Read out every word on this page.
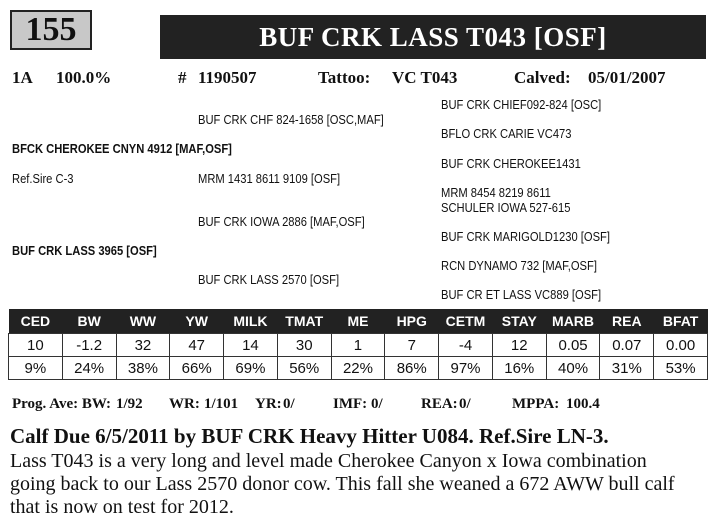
155	BUF CRK LASS T043 [OSF]
1A 100.0%	# 1190507	Tattoo: VC T043	Calved: 05/01/2007
BUF CRK CHIEF092-824 [OSC]
BUF CRK CHF 824-1658 [OSC,MAF]
BFLO CRK CARIE VC473
BFCK CHEROKEE CNYN 4912 [MAF,OSF]
BUF CRK CHEROKEE1431
Ref.Sire C-3	MRM 1431 8611 9109 [OSF]
MRM 8454 8219 8611
SCHULER IOWA 527-615
BUF CRK IOWA 2886 [MAF,OSF]
BUF CRK MARIGOLD1230 [OSF]
BUF CRK LASS 3965 [OSF]
RCN DYNAMO 732 [MAF,OSF]
BUF CRK LASS 2570 [OSF]
BUF CR ET LASS VC889 [OSF]
CED	BW	WW	YW	MILK	TMAT	ME	HPG	CETM	STAY	MARB	REA	BFAT
10	-1.2	32	47	14	30	1	7	-4	12	0.05	0.07	0.00
9%	24%	38%	66%	69%	56%	22%	86%	97%	16%	40%	31%	53%
Prog. Ave: BW: 1/92 WR: 1/101 YR: 0/	IMF: 0/	REA: 0/	MPPA: 100.4
Calf Due 6/5/2011 by BUF CRK Heavy Hitter U084. Ref.Sire LN-3.
Lass T043 is a very long and level made Cherokee Canyon x Iowa combination
going back to our Lass 2570 donor cow. This fall she weaned a 672 AWW bull calf
that is now on test for 2012.
